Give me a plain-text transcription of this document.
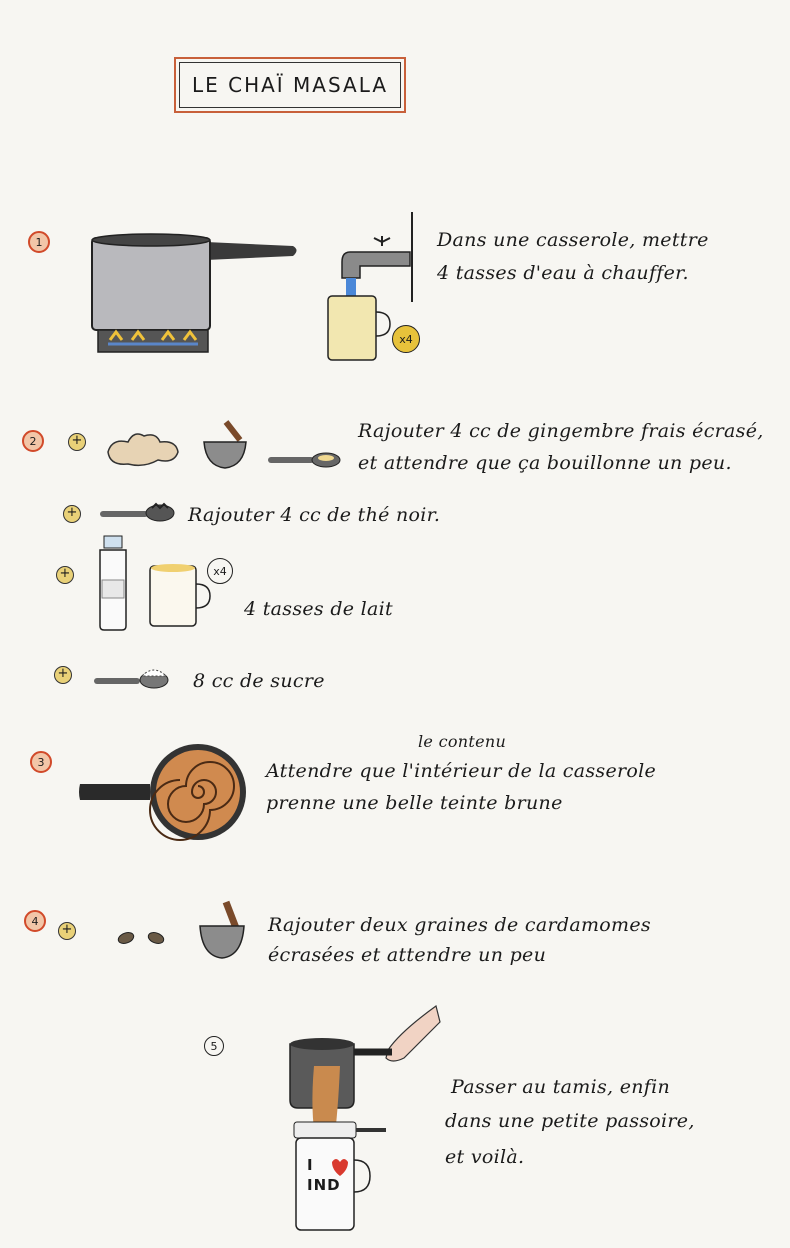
LE CHAÏ MASALA
1
x4
Dans une casserole, mettre
4 tasses d'eau à chauffer.
2	+	Rajouter 4 cc de gingembre frais écrasé,
et attendre que ça bouillonne un peu.
+	Rajouter 4 cc de thé noir.
+	x4
4 tasses de lait
+	8 cc de sucre
3
le contenu
Attendre que l'intérieur de la casserole
prenne une belle teinte brune
4
+	Rajouter deux graines de cardamomes
écrasées et attendre un peu
5
I
IND
Passer au tamis, enfin
dans une petite passoire,
et voilà.
